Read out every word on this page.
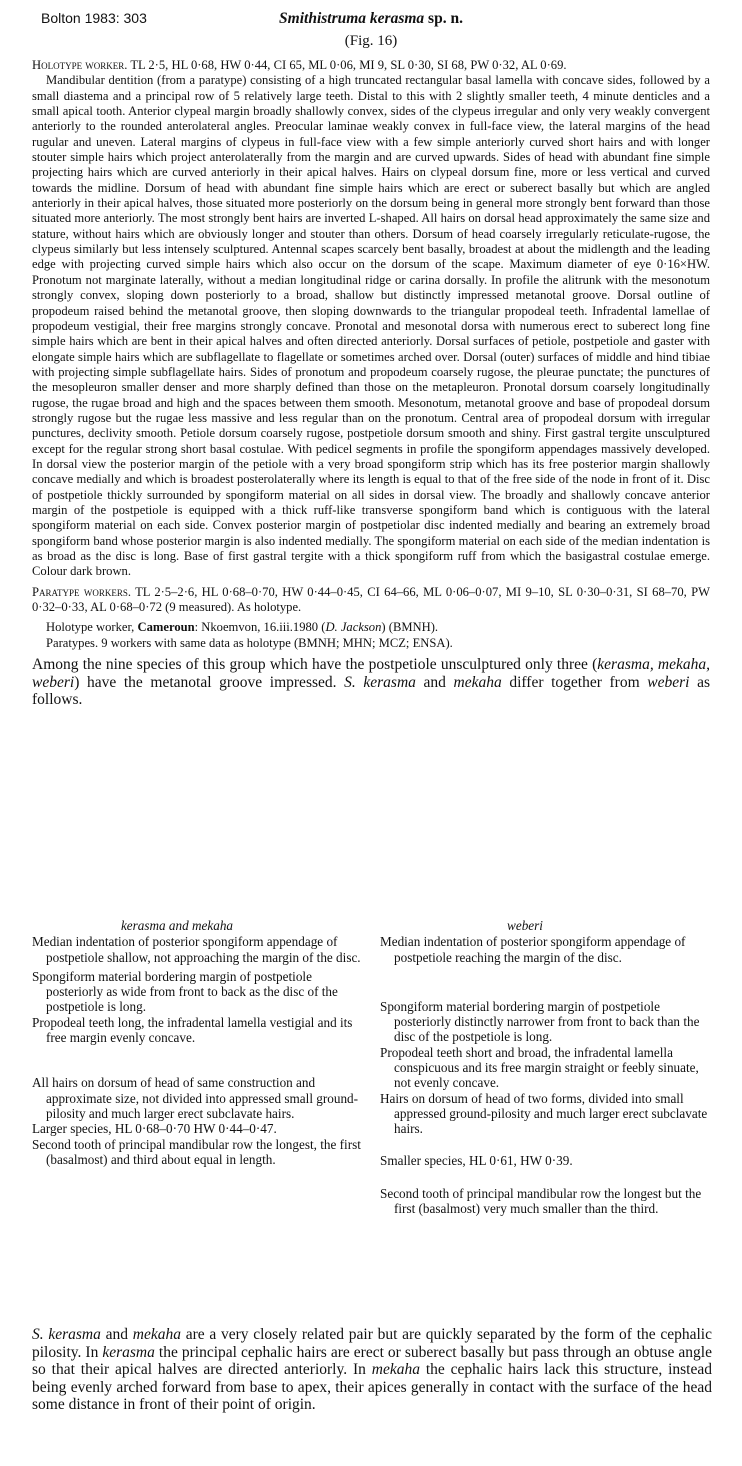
Bolton 1983: 303	Smithistruma kerasma sp. n.
(Fig. 16)

Holotype worker. TL 2·5, HL 0·68, HW 0·44, CI 65, ML 0·06, MI 9, SL 0·30, SI 68, PW 0·32, AL 0·69.

Mandibular dentition (from a paratype) consisting of a high truncated rectangular basal lamella with concave sides, followed by a small diastema and a principal row of 5 relatively large teeth. Distal to this with 2 slightly smaller teeth, 4 minute denticles and a small apical tooth. Anterior clypeal margin broadly shallowly convex, sides of the clypeus irregular and only very weakly convergent anteriorly to the rounded anterolateral angles. Preocular laminae weakly convex in full-face view, the lateral margins of the head rugular and uneven. Lateral margins of clypeus in full-face view with a few simple anteriorly curved short hairs and with longer stouter simple hairs which project anterolaterally from the margin and are curved upwards. Sides of head with abundant fine simple projecting hairs which are curved anteriorly in their apical halves. Hairs on clypeal dorsum fine, more or less vertical and curved towards the midline. Dorsum of head with abundant fine simple hairs which are erect or suberect basally but which are angled anteriorly in their apical halves, those situated more posteriorly on the dorsum being in general more strongly bent forward than those situated more anteriorly. The most strongly bent hairs are inverted L-shaped. All hairs on dorsal head approximately the same size and stature, without hairs which are obviously longer and stouter than others. Dorsum of head coarsely irregularly reticulate-rugose, the clypeus similarly but less intensely sculptured. Antennal scapes scarcely bent basally, broadest at about the midlength and the leading edge with projecting curved simple hairs which also occur on the dorsum of the scape. Maximum diameter of eye 0·16×HW. Pronotum not marginate laterally, without a median longitudinal ridge or carina dorsally. In profile the alitrunk with the mesonotum strongly convex, sloping down posteriorly to a broad, shallow but distinctly impressed metanotal groove. Dorsal outline of propodeum raised behind the metanotal groove, then sloping downwards to the triangular propodeal teeth. Infradental lamellae of propodeum vestigial, their free margins strongly concave. Pronotal and mesonotal dorsa with numerous erect to suberect long fine simple hairs which are bent in their apical halves and often directed anteriorly. Dorsal surfaces of petiole, postpetiole and gaster with elongate simple hairs which are subflagellate to flagellate or sometimes arched over. Dorsal (outer) surfaces of middle and hind tibiae with projecting simple subflagellate hairs. Sides of pronotum and propodeum coarsely rugose, the pleurae punctate; the punctures of the mesopleuron smaller denser and more sharply defined than those on the metapleuron. Pronotal dorsum coarsely longitudinally rugose, the rugae broad and high and the spaces between them smooth. Mesonotum, metanotal groove and base of propodeal dorsum strongly rugose but the rugae less massive and less regular than on the pronotum. Central area of propodeal dorsum with irregular punctures, declivity smooth. Petiole dorsum coarsely rugose, postpetiole dorsum smooth and shiny. First gastral tergite unsculptured except for the regular strong short basal costulae. With pedicel segments in profile the spongiform appendages massively developed. In dorsal view the posterior margin of the petiole with a very broad spongiform strip which has its free posterior margin shallowly concave medially and which is broadest posterolaterally where its length is equal to that of the free side of the node in front of it. Disc of postpetiole thickly surrounded by spongiform material on all sides in dorsal view. The broadly and shallowly concave anterior margin of the postpetiole is equipped with a thick ruff-like transverse spongiform band which is contiguous with the lateral spongiform material on each side. Convex posterior margin of postpetiolar disc indented medially and bearing an extremely broad spongiform band whose posterior margin is also indented medially. The spongiform material on each side of the median indentation is as broad as the disc is long. Base of first gastral tergite with a thick spongiform ruff from which the basigastral costulae emerge. Colour dark brown.

Paratype workers. TL 2·5–2·6, HL 0·68–0·70, HW 0·44–0·45, CI 64–66, ML 0·06–0·07, MI 9–10, SL 0·30–0·31, SI 68–70, PW 0·32–0·33, AL 0·68–0·72 (9 measured). As holotype.

Holotype worker, Cameroun: Nkoemvon, 16.iii.1980 (D. Jackson) (BMNH).

Paratypes. 9 workers with same data as holotype (BMNH; MHN; MCZ; ENSA).

Among the nine species of this group which have the postpetiole unsculptured only three (kerasma, mekaha, weberi) have the metanotal groove impressed. S. kerasma and mekaha differ together from weberi as follows.

kerasma and mekaha
Median indentation of posterior spongiform appendage of postpetiole shallow, not approaching the margin of the disc.
Spongiform material bordering margin of postpetiole posteriorly as wide from front to back as the disc of the postpetiole is long.
Propodeal teeth long, the infradental lamella vestigial and its free margin evenly concave.
All hairs on dorsum of head of same construction and approximate size, not divided into appressed small ground-pilosity and much larger erect subclavate hairs.
Larger species, HL 0·68–0·70 HW 0·44–0·47.
Second tooth of principal mandibular row the longest, the first (basalmost) and third about equal in length.
weberi
Median indentation of posterior spongiform appendage of postpetiole reaching the margin of the disc.
Spongiform material bordering margin of postpetiole posteriorly distinctly narrower from front to back than the disc of the postpetiole is long.
Propodeal teeth short and broad, the infradental lamella conspicuous and its free margin straight or feebly sinuate, not evenly concave.
Hairs on dorsum of head of two forms, divided into small appressed ground-pilosity and much larger erect subclavate hairs.
Smaller species, HL 0·61, HW 0·39.
Second tooth of principal mandibular row the longest but the first (basalmost) very much smaller than the third.
S. kerasma and mekaha are a very closely related pair but are quickly separated by the form of the cephalic pilosity. In kerasma the principal cephalic hairs are erect or suberect basally but pass through an obtuse angle so that their apical halves are directed anteriorly. In mekaha the cephalic hairs lack this structure, instead being evenly arched forward from base to apex, their apices generally in contact with the surface of the head some distance in front of their point of origin.
